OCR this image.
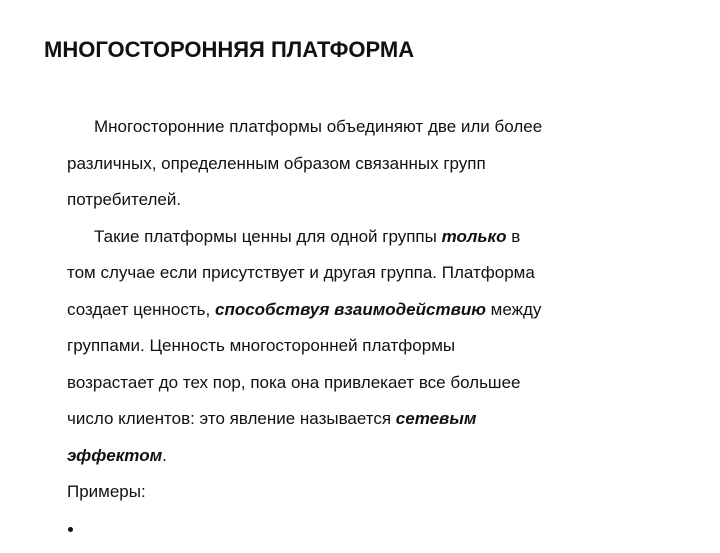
МНОГОСТОРОННЯЯ ПЛАТФОРМА
Многосторонние платформы объединяют две или более
различных, определенным образом связанных групп
потребителей.
Такие платформы ценны для одной группы только в
том случае если присутствует и другая группа. Платформа
создает ценность, способствуя взаимодействию между
группами. Ценность многосторонней платформы
возрастает до тех пор, пока она привлекает все большее
число клиентов: это явление называется сетевым
эффектом.
Примеры:
